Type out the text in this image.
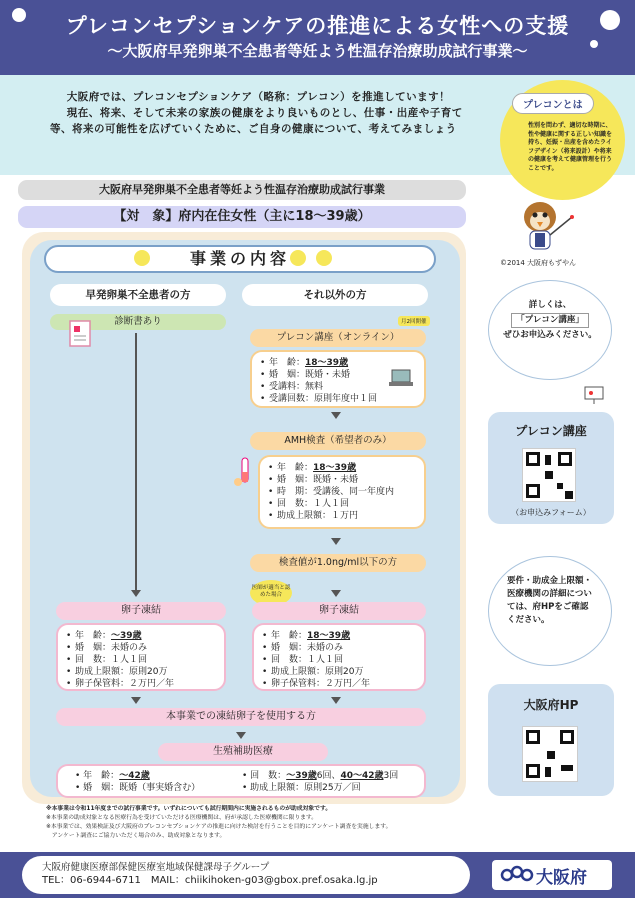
プレコンセプションケアの推進による女性への支援
～大阪府早発卵巣不全患者等妊よう性温存治療助成試行事業～

大阪府では、プレコンセプションケア（略称：プレコン）を推進しています！

現在、将来、そして未来の家族の健康をより良いものとし、仕事・出産や子育て等、将来の可能性を広げていくために、ご自身の健康について、考えてみましょう

プレコンとは
性別を問わず、適切な時期に、性や健康に関する正しい知識を持ち、妊娠・出産を含めたライフデザイン（将来設計）や将来の健康を考えて健康管理を行うことです。
©2014 大阪府もずやん
大阪府早発卵巣不全患者等妊よう性温存治療助成試行事業
【対　象】府内在住女性（主に18～39歳）
事業の内容
早発卵巣不全患者の方	それ以外の方
診断書あり	月2回開催
プレコン講座（オンライン）
• 年　齢：18～39歳
• 婚　姻：既婚・未婚
• 受講料：無料
• 受講回数：原則年度中１回
AMH検査（希望者のみ）
• 年　齢：18～39歳
• 婚　姻：既婚・未婚
• 時　期：受講後、同一年度内
• 回　数：１人１回
• 助成上限額：１万円
検査値が1.0ng/ml以下の方
医師が適当と認めた場合
卵子凍結	卵子凍結
• 年　齢：～39歳
• 婚　姻：未婚のみ
• 回　数：１人１回
• 助成上限額：原則20万
• 卵子保管料：２万円／年
• 年　齢：18～39歳
• 婚　姻：未婚のみ
• 回　数：１人１回
• 助成上限額：原則20万
• 卵子保管料：２万円／年
本事業での凍結卵子を使用する方
生殖補助医療
• 年　齢：～42歳
• 婚　姻：既婚（事実婚含む）
• 回　数：～39歳6回、40～42歳3回
• 助成上限額：原則25万／回

※本事業は令和11年度までの試行事業です。いずれについても試行期間内に実施されるものが助成対象です。

※本事業の助成対象となる医療行為を受けていただける医療機関は、府が承認した医療機関に限ります。

※本事業では、効果検証及び大阪府のプレコンセプションケアの推進に向けた検討を行うことを目的にアンケート調査を実施します。

　アンケート調査にご協力いただく場合のみ、助成対象となります。

詳しくは、
「プレコン講座」
ぜひお申込みください。
プレコン講座
（お申込みフォーム）
要件・助成金上限額・
医療機関の詳細につい
ては、府HPをご確認
ください。
大阪府HP
大阪府健康医療部保健医療室地域保健課母子グループ
TEL：06-6944-6711　MAIL：chiikihoken-g03@gbox.pref.osaka.lg.jp	大阪府
